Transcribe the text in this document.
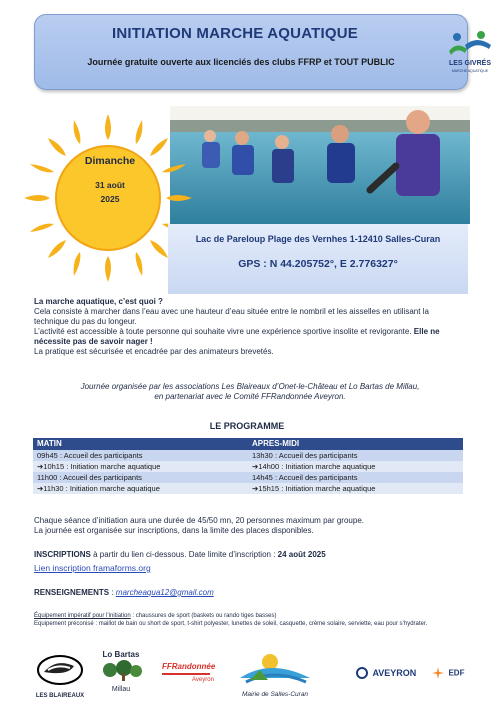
INITIATION MARCHE AQUATIQUE
Journée gratuite ouverte aux licenciés des clubs FFRP et TOUT PUBLIC	LES GIVRÉS
MARCHE AQUATIQUE
Dimanche
31 août
2025
Lac de Pareloup Plage des Vernhes 1-12410 Salles-Curan
GPS : N 44.205752°, E 2.776327°
La marche aquatique, c’est quoi ?

Cela consiste à marcher dans l’eau avec une hauteur d’eau située entre le nombril et les aisselles en utilisant la technique du pas du longeur.

L’activité est accessible à toute personne qui souhaite vivre une expérience sportive insolite et revigorante. Elle ne nécessite pas de savoir nager !

La pratique est sécurisée et encadrée par des animateurs brevetés.

Journée organisée par les associations Les Blaireaux d’Onet-le-Château et Lo Bartas de Millau,
en partenariat avec le Comité FFRandonnée Aveyron.
LE PROGRAMME
MATIN	APRES-MIDI
09h45 : Accueil des participants	13h30 : Accueil des participants
➔10h15 : Initiation marche aquatique	➔14h00 : Initiation marche aquatique
11h00 : Accueil des participants	14h45 : Accueil des participants
➔11h30 : Initiation marche aquatique	➔15h15 : Initiation marche aquatique
Chaque séance d’initiation aura une durée de 45/50 mn, 20 personnes maximum par groupe.
La journée est organisée sur inscriptions, dans la limite des places disponibles.
INSCRIPTIONS à partir du lien ci-dessous. Date limite d’inscription : 24 août 2025
Lien inscription framaforms.org
RENSEIGNEMENTS : marcheaqua12@gmail.com
Équipement impératif pour l’initiation : chaussures de sport (baskets ou rando tiges basses)
Equipement préconisé : maillot de bain ou short de sport, t-shirt polyester, lunettes de soleil, casquette, crème solaire, serviette, eau pour s’hydrater.
LES BLAIREAUX
Lo Bartas
Millau
FFRandonnée
Aveyron
Mairie de Salles-Curan
AVEYRON	EDF
